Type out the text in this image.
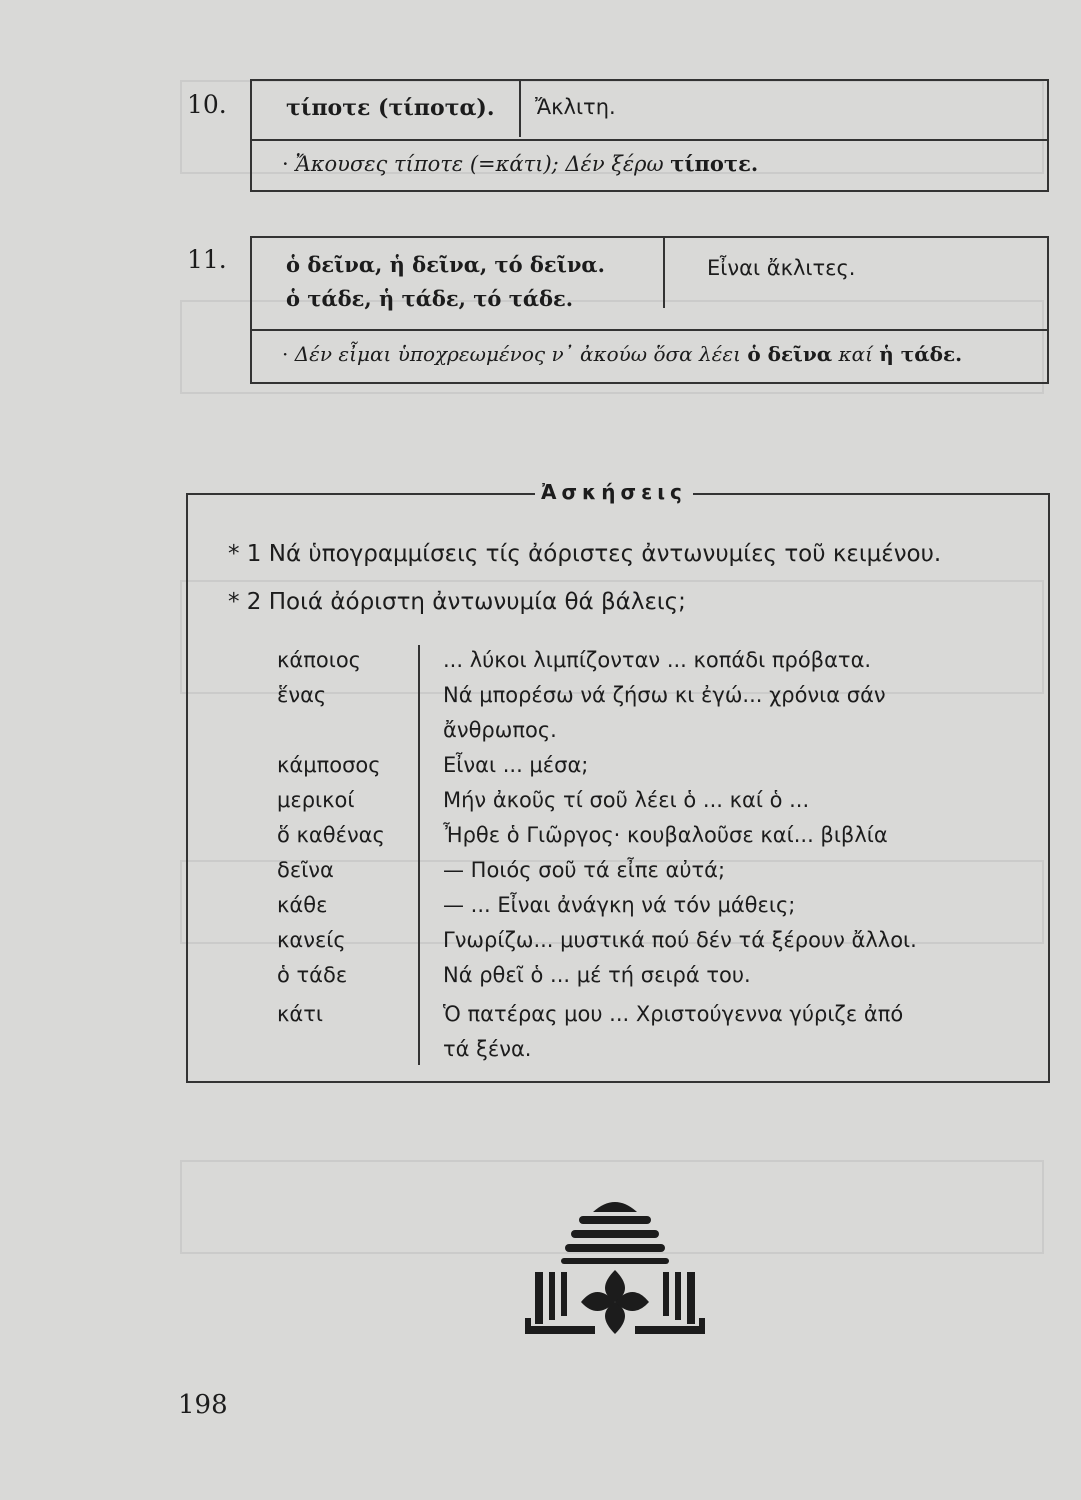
10.	τίποτε (τίποτα). Ἄκλιτη.
· Ἄκουσες τίποτε (=κάτι); Δέν ξέρω τίποτε.
11.	ὁ δεῖνα, ἡ δεῖνα, τό δεῖνα.
ὁ τάδε, ἡ τάδε, τό τάδε.
Εἶναι ἄκλιτες.
· Δέν εἶμαι ὑποχρεωμένος ν᾽ ἀκούω ὅσα λέει ὁ δεῖνα καί ἡ τάδε.
Ἀσκήσεις
* 1 Νά ὑπογραμμίσεις τίς ἀόριστες ἀντωνυμίες τοῦ κειμένου.
* 2 Ποιά ἀόριστη ἀντωνυμία θά βάλεις;
κάποιος
ἕνας
κάμποσος
μερικοί
ὅ καθένας
δεῖνα
κάθε
κανείς
ὁ τάδε
κάτι
... λύκοι λιμπίζονταν ... κοπάδι πρόβατα.
Νά μπορέσω νά ζήσω κι ἐγώ... χρόνια σάν
ἄνθρωπος.
Εἶναι ... μέσα;
Μήν ἀκοῦς τί σοῦ λέει ὁ ... καί ὁ ...
Ἦρθε ὁ Γιῶργος· κουβαλοῦσε καί... βιβλία
— Ποιός σοῦ τά εἶπε αὐτά;
— ... Εἶναι ἀνάγκη νά τόν μάθεις;
Γνωρίζω... μυστικά πού δέν τά ξέρουν ἄλλοι.
Νά ρθεῖ ὁ ... μέ τή σειρά του.
Ὁ πατέρας μου ... Χριστούγεννα γύριζε ἀπό
τά ξένα.
198
